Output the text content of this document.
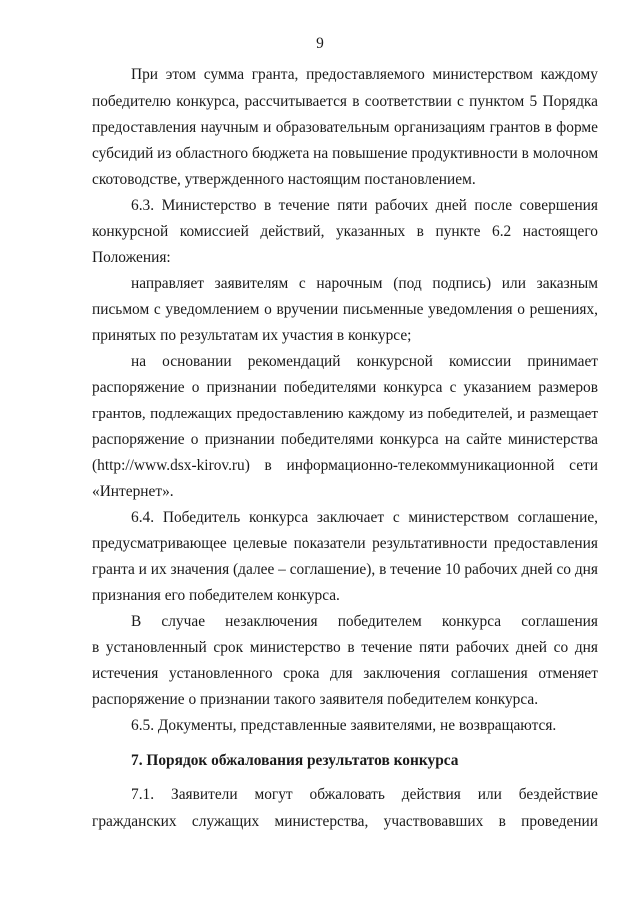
9
При этом сумма гранта, предоставляемого министерством каждому
победителю конкурса, рассчитывается в соответствии с пунктом 5 Порядка
предоставления научным и образовательным организациям грантов в форме
субсидий из областного бюджета на повышение продуктивности в молочном
скотоводстве, утвержденного настоящим постановлением.
6.3. Министерство в течение пяти рабочих дней после совершения
конкурсной комиссией действий, указанных в пункте 6.2 настоящего
Положения:
направляет заявителям с нарочным (под подпись) или заказным
письмом с уведомлением о вручении письменные уведомления о решениях,
принятых по результатам их участия в конкурсе;
на основании рекомендаций конкурсной комиссии принимает
распоряжение о признании победителями конкурса с указанием размеров
грантов, подлежащих предоставлению каждому из победителей, и размещает
распоряжение о признании победителями конкурса на сайте министерства
(http://www.dsx-kirov.ru) в информационно-телекоммуникационной сети
«Интернет».
6.4. Победитель конкурса заключает с министерством соглашение,
предусматривающее целевые показатели результативности предоставления
гранта и их значения (далее – соглашение), в течение 10 рабочих дней со дня
признания его победителем конкурса.
В случае незаключения победителем конкурса соглашения
в установленный срок министерство в течение пяти рабочих дней со дня
истечения установленного срока для заключения соглашения отменяет
распоряжение о признании такого заявителя победителем конкурса.
6.5. Документы, представленные заявителями, не возвращаются.
7. Порядок обжалования результатов конкурса
7.1. Заявители могут обжаловать действия или бездействие
гражданских служащих министерства, участвовавших в проведении
